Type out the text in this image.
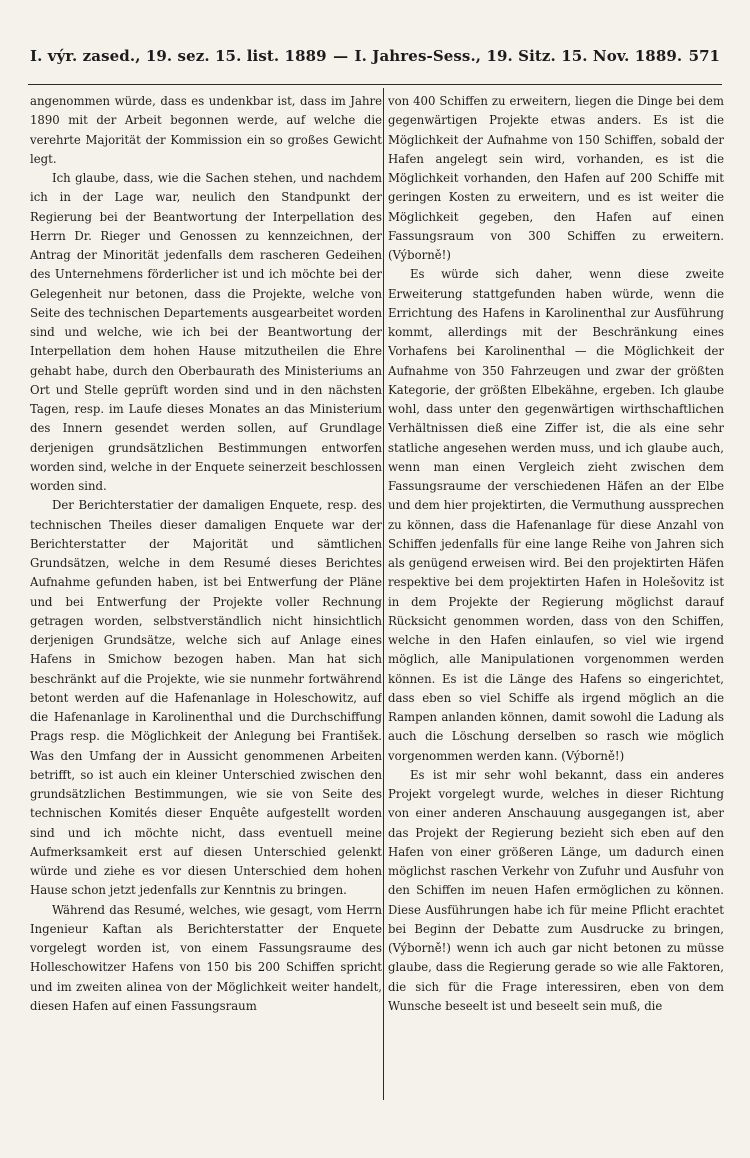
I. výr. zased., 19. sez. 15. list. 1889 — I. Jahres-Sess., 19. Sitz. 15. Nov. 1889. 571

angenommen würde, dass es undenkbar ist, dass im Jahre 1890 mit der Arbeit begonnen werde, auf welche die verehrte Majorität der Kommission ein so großes Gewicht legt.

Ich glaube, dass, wie die Sachen stehen, und nachdem ich in der Lage war, neulich den Standpunkt der Regierung bei der Beantwortung der Interpellation des Herrn Dr. Rieger und Genossen zu kennzeichnen, der Antrag der Minorität jedenfalls dem rascheren Gedeihen des Unternehmens förderlicher ist und ich möchte bei der Gelegenheit nur betonen, dass die Projekte, welche von Seite des technischen Departements ausgearbeitet worden sind und welche, wie ich bei der Beantwortung der Interpellation dem hohen Hause mitzutheilen die Ehre gehabt habe, durch den Oberbaurath des Ministeriums an Ort und Stelle geprüft worden sind und in den nächsten Tagen, resp. im Laufe dieses Monates an das Ministerium des Innern gesendet werden sollen, auf Grundlage derjenigen grundsätzlichen Bestimmungen entworfen worden sind, welche in der Enquete seinerzeit beschlossen worden sind.

Der Berichterstatier der damaligen Enquete, resp. des technischen Theiles dieser damaligen Enquete war der Berichterstatter der Majorität und sämtlichen Grundsätzen, welche in dem Resumé dieses Berichtes Aufnahme gefunden haben, ist bei Entwerfung der Pläne und bei Entwerfung der Projekte voller Rechnung getragen worden, selbstverständlich nicht hinsichtlich derjenigen Grundsätze, welche sich auf Anlage eines Hafens in Smichow bezogen haben. Man hat sich beschränkt auf die Projekte, wie sie nunmehr fortwährend betont werden auf die Hafenanlage in Holeschowitz, auf die Hafenanlage in Karolinenthal und die Durchschiffung Prags resp. die Möglichkeit der Anlegung bei František. Was den Umfang der in Aussicht genommenen Arbeiten betrifft, so ist auch ein kleiner Unterschied zwischen den grundsätzlichen Bestimmungen, wie sie von Seite des technischen Komités dieser Enquête aufgestellt worden sind und ich möchte nicht, dass eventuell meine Aufmerksamkeit erst auf diesen Unterschied gelenkt würde und ziehe es vor diesen Unterschied dem hohen Hause schon jetzt jedenfalls zur Kenntnis zu bringen.

Während das Resumé, welches, wie gesagt, vom Herrn Ingenieur Kaftan als Berichterstatter der Enquete vorgelegt worden ist, von einem Fassungsraume des Holleschowitzer Hafens von 150 bis 200 Schiffen spricht und im zweiten alinea von der Möglichkeit weiter handelt, diesen Hafen auf einen Fassungsraum

von 400 Schiffen zu erweitern, liegen die Dinge bei dem gegenwärtigen Projekte etwas anders. Es ist die Möglichkeit der Aufnahme von 150 Schiffen, sobald der Hafen angelegt sein wird, vorhanden, es ist die Möglichkeit vorhanden, den Hafen auf 200 Schiffe mit geringen Kosten zu erweitern, und es ist weiter die Möglichkeit gegeben, den Hafen auf einen Fassungsraum von 300 Schiffen zu erweitern. (Výborně!)

Es würde sich daher, wenn diese zweite Erweiterung stattgefunden haben würde, wenn die Errichtung des Hafens in Karolinenthal zur Ausführung kommt, allerdings mit der Beschränkung eines Vorhafens bei Karolinenthal — die Möglichkeit der Aufnahme von 350 Fahrzeugen und zwar der größten Kategorie, der größten Elbekähne, ergeben. Ich glaube wohl, dass unter den gegenwärtigen wirthschaftlichen Verhältnissen dieß eine Ziffer ist, die als eine sehr statliche angesehen werden muss, und ich glaube auch, wenn man einen Vergleich zieht zwischen dem Fassungsraume der verschiedenen Häfen an der Elbe und dem hier projektirten, die Vermuthung aussprechen zu können, dass die Hafenanlage für diese Anzahl von Schiffen jedenfalls für eine lange Reihe von Jahren sich als genügend erweisen wird. Bei den projektirten Häfen respektive bei dem projektirten Hafen in Holešovitz ist in dem Projekte der Regierung möglichst darauf Rücksicht genommen worden, dass von den Schiffen, welche in den Hafen einlaufen, so viel wie irgend möglich, alle Manipulationen vorgenommen werden können. Es ist die Länge des Hafens so eingerichtet, dass eben so viel Schiffe als irgend möglich an die Rampen anlanden können, damit sowohl die Ladung als auch die Löschung derselben so rasch wie möglich vorgenommen werden kann. (Výborně!)

Es ist mir sehr wohl bekannt, dass ein anderes Projekt vorgelegt wurde, welches in dieser Richtung von einer anderen Anschauung ausgegangen ist, aber das Projekt der Regierung bezieht sich eben auf den Hafen von einer größeren Länge, um dadurch einen möglichst raschen Verkehr von Zufuhr und Ausfuhr von den Schiffen im neuen Hafen ermöglichen zu können. Diese Ausführungen habe ich für meine Pflicht erachtet bei Beginn der Debatte zum Ausdrucke zu bringen, (Výborně!) wenn ich auch gar nicht betonen zu müsse glaube, dass die Regierung gerade so wie alle Faktoren, die sich für die Frage interessiren, eben von dem Wunsche beseelt ist und beseelt sein muß, die
